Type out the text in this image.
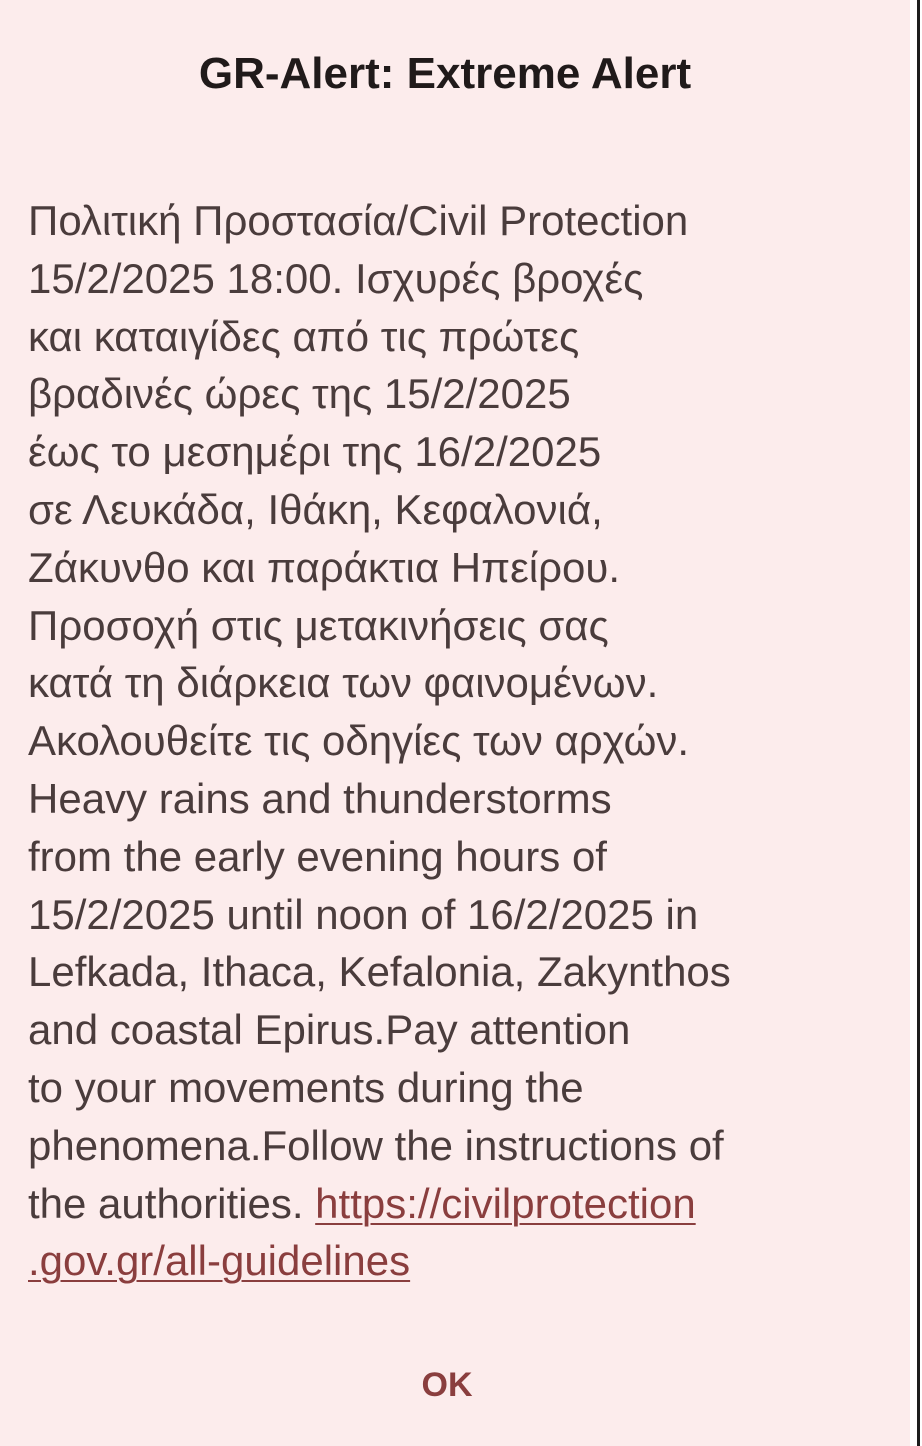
GR-Alert: Extreme Alert
Πολιτική Προστασία/Civil Protection
15/2/2025 18:00. Ισχυρές βροχές
και καταιγίδες από τις πρώτες
βραδινές ώρες της 15/2/2025
έως το μεσημέρι της 16/2/2025
σε Λευκάδα, Ιθάκη, Κεφαλονιά,
Ζάκυνθο και παράκτια Ηπείρου.
Προσοχή στις μετακινήσεις σας
κατά τη διάρκεια των φαινομένων.
Ακολουθείτε τις οδηγίες των αρχών.
Heavy rains and thunderstorms
from the early evening hours of
15/2/2025 until noon of 16/2/2025 in
Lefkada, Ithaca, Kefalonia, Zakynthos
and coastal Epirus.Pay attention
to your movements during the
phenomena.Follow the instructions of
the authorities. https://civilprotection
.gov.gr/all-guidelines
OK
